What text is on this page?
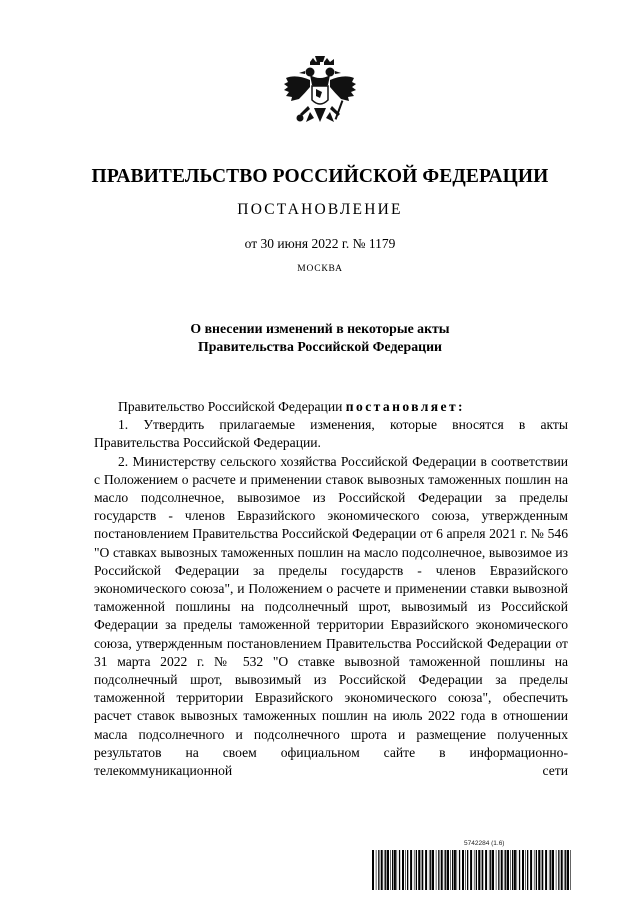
ПРАВИТЕЛЬСТВО РОССИЙСКОЙ ФЕДЕРАЦИИ
ПОСТАНОВЛЕНИЕ
от 30 июня 2022 г. № 1179
МОСКВА
О внесении изменений в некоторые акты
Правительства Российской Федерации

Правительство Российской Федерации постановляет:

1. Утвердить прилагаемые изменения, которые вносятся в акты Правительства Российской Федерации.

2. Министерству сельского хозяйства Российской Федерации в соответствии с Положением о расчете и применении ставок вывозных таможенных пошлин на масло подсолнечное, вывозимое из Российской Федерации за пределы государств - членов Евразийского экономического союза, утвержденным постановлением Правительства Российской Федерации от 6 апреля 2021 г. № 546 "О ставках вывозных таможенных пошлин на масло подсолнечное, вывозимое из Российской Федерации за пределы государств - членов Евразийского экономического союза", и Положением о расчете и применении ставки вывозной таможенной пошлины на подсолнечный шрот, вывозимый из Российской Федерации за пределы таможенной территории Евразийского экономического союза, утвержденным постановлением Правительства Российской Федерации от 31 марта 2022 г. № 532 "О ставке вывозной таможенной пошлины на подсолнечный шрот, вывозимый из Российской Федерации за пределы таможенной территории Евразийского экономического союза", обеспечить расчет ставок вывозных таможенных пошлин на июль 2022 года в отношении масла подсолнечного и подсолнечного шрота и размещение полученных результатов на своем официальном сайте в информационно-телекоммуникационной сети

5742284 (1.6)
